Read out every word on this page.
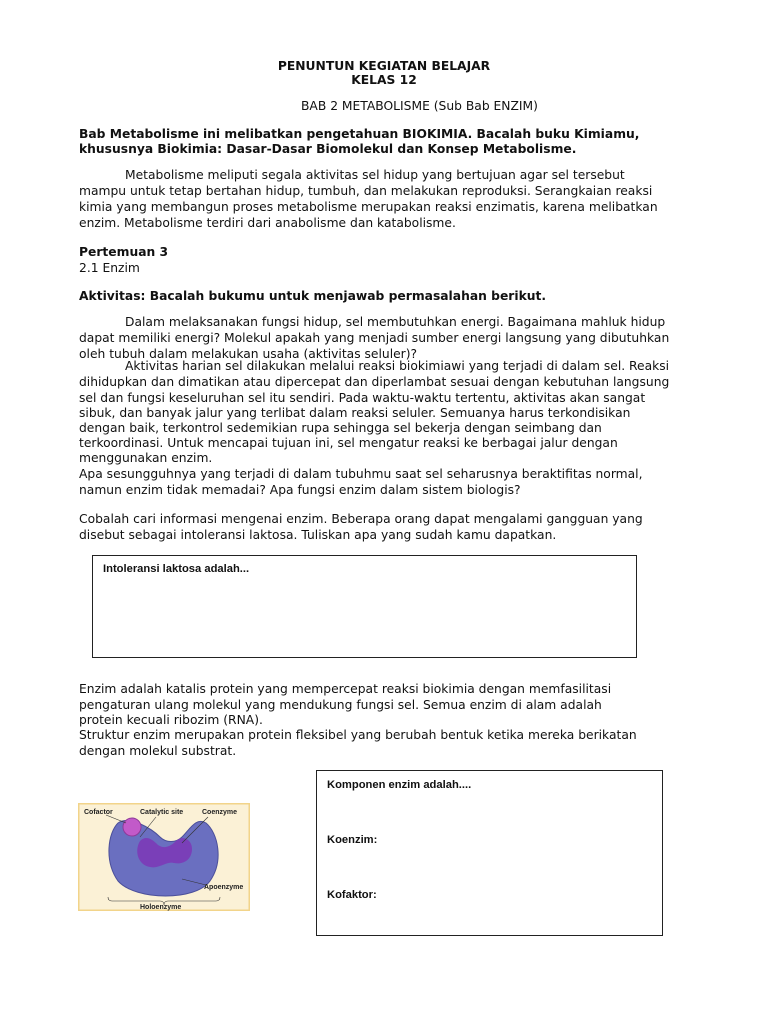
PENUNTUN KEGIATAN BELAJAR
KELAS 12
BAB 2 METABOLISME (Sub Bab ENZIM)
Bab Metabolisme ini melibatkan pengetahuan BIOKIMIA. Bacalah buku Kimiamu,
khususnya Biokimia: Dasar-Dasar Biomolekul dan Konsep Metabolisme.
Metabolisme meliputi segala aktivitas sel hidup yang bertujuan agar sel tersebut
mampu untuk tetap bertahan hidup, tumbuh, dan melakukan reproduksi. Serangkaian reaksi
kimia yang membangun proses metabolisme merupakan reaksi enzimatis, karena melibatkan
enzim. Metabolisme terdiri dari anabolisme dan katabolisme.
Pertemuan 3
2.1 Enzim
Aktivitas: Bacalah bukumu untuk menjawab permasalahan berikut.
Dalam melaksanakan fungsi hidup, sel membutuhkan energi. Bagaimana mahluk hidup
dapat memiliki energi? Molekul apakah yang menjadi sumber energi langsung yang dibutuhkan
oleh tubuh dalam melakukan usaha (aktivitas seluler)?
Aktivitas harian sel dilakukan melalui reaksi biokimiawi yang terjadi di dalam sel. Reaksi
dihidupkan dan dimatikan atau dipercepat dan diperlambat sesuai dengan kebutuhan langsung
sel dan fungsi keseluruhan sel itu sendiri. Pada waktu-waktu tertentu, aktivitas akan sangat
sibuk, dan banyak jalur yang terlibat dalam reaksi seluler. Semuanya harus terkondisikan
dengan baik, terkontrol sedemikian rupa sehingga sel bekerja dengan seimbang dan
terkoordinasi. Untuk mencapai tujuan ini, sel mengatur reaksi ke berbagai jalur dengan
menggunakan enzim.
Apa sesungguhnya yang terjadi di dalam tubuhmu saat sel seharusnya beraktifitas normal,
namun enzim tidak memadai? Apa fungsi enzim dalam sistem biologis?
Cobalah cari informasi mengenai enzim. Beberapa orang dapat mengalami gangguan yang
disebut sebagai intoleransi laktosa. Tuliskan apa yang sudah kamu dapatkan.
Intoleransi laktosa adalah...
Enzim adalah katalis protein yang mempercepat reaksi biokimia dengan memfasilitasi
pengaturan ulang molekul yang mendukung fungsi sel. Semua enzim di alam adalah
protein kecuali ribozim (RNA).
Struktur enzim merupakan protein fleksibel yang berubah bentuk ketika mereka berikatan
dengan molekul substrat.
Cofactor	Catalytic site	Coenzyme
Apoenzyme
Holoenzyme
Komponen enzim adalah....
Koenzim:
Kofaktor:
